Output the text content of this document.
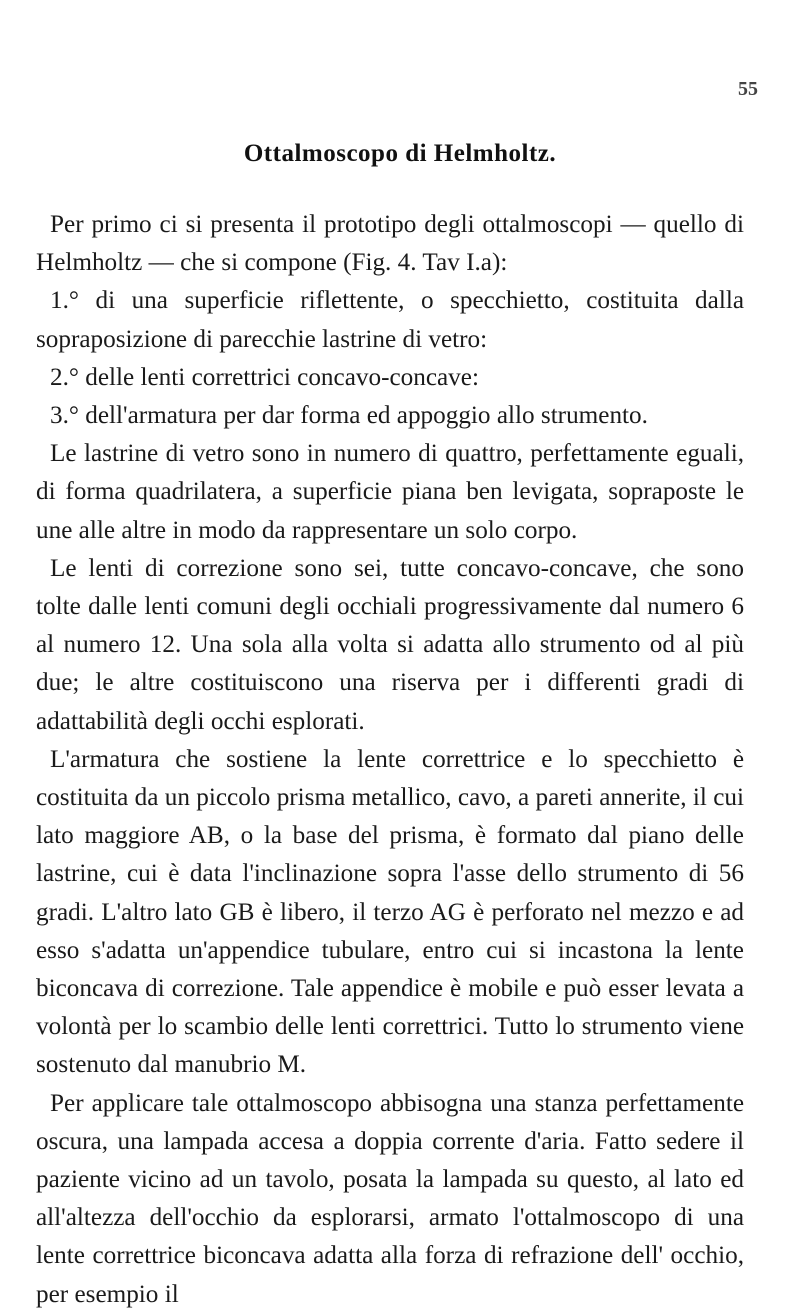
55
Ottalmoscopo di Helmholtz.

Per primo ci si presenta il prototipo degli ottalmoscopi — quello di Helmholtz — che si compone (Fig. 4. Tav I.a):

1.° di una superficie riflettente, o specchietto, costituita dalla sopraposizione di parecchie lastrine di vetro:

2.° delle lenti correttrici concavo-concave:

3.° dell'armatura per dar forma ed appoggio allo strumento.

Le lastrine di vetro sono in numero di quattro, perfettamente eguali, di forma quadrilatera, a superficie piana ben levigata, sopraposte le une alle altre in modo da rappresentare un solo corpo.

Le lenti di correzione sono sei, tutte concavo-concave, che sono tolte dalle lenti comuni degli occhiali progressivamente dal numero 6 al numero 12. Una sola alla volta si adatta allo strumento od al più due; le altre costituiscono una riserva per i differenti gradi di adattabilità degli occhi esplorati.

L'armatura che sostiene la lente correttrice e lo specchietto è costituita da un piccolo prisma metallico, cavo, a pareti annerite, il cui lato maggiore AB, o la base del prisma, è formato dal piano delle lastrine, cui è data l'inclinazione sopra l'asse dello strumento di 56 gradi. L'altro lato GB è libero, il terzo AG è perforato nel mezzo e ad esso s'adatta un'appendice tubulare, entro cui si incastona la lente biconcava di correzione. Tale appendice è mobile e può esser levata a volontà per lo scambio delle lenti correttrici. Tutto lo strumento viene sostenuto dal manubrio M.

Per applicare tale ottalmoscopo abbisogna una stanza perfettamente oscura, una lampada accesa a doppia corrente d'aria. Fatto sedere il paziente vicino ad un tavolo, posata la lampada su questo, al lato ed all'altezza dell'occhio da esplorarsi, armato l'ottalmoscopo di una lente correttrice biconcava adatta alla forza di refrazione dell' occhio, per esempio il
